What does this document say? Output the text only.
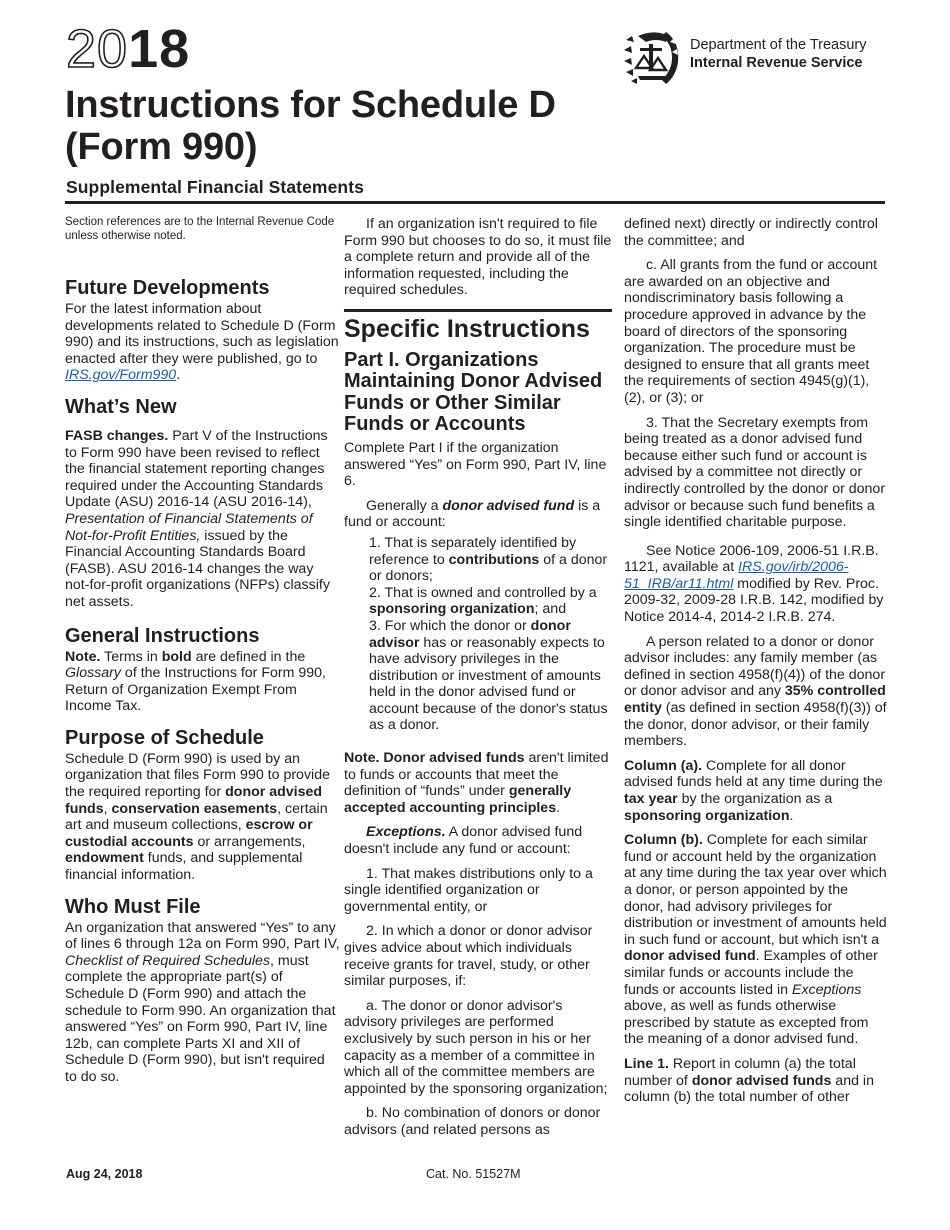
2018
Instructions for Schedule D
(Form 990)
Supplemental Financial Statements
Department of the Treasury
Internal Revenue Service

Section references are to the Internal Revenue Code unless otherwise noted.

Future Developments

For the latest information about developments related to Schedule D (Form 990) and its instructions, such as legislation enacted after they were published, go to IRS.gov/Form990.

What’s New

FASB changes. Part V of the Instructions to Form 990 have been revised to reflect the financial statement reporting changes required under the Accounting Standards Update (ASU) 2016-14 (ASU 2016-14), Presentation of Financial Statements of Not-for-Profit Entities, issued by the Financial Accounting Standards Board (FASB). ASU 2016-14 changes the way not-for-profit organizations (NFPs) classify net assets.

General Instructions

Note. Terms in bold are defined in the Glossary of the Instructions for Form 990, Return of Organization Exempt From Income Tax.

Purpose of Schedule

Schedule D (Form 990) is used by an organization that files Form 990 to provide the required reporting for donor advised funds, conservation easements, certain art and museum collections, escrow or custodial accounts or arrangements, endowment funds, and supplemental financial information.

Who Must File

An organization that answered “Yes” to any of lines 6 through 12a on Form 990, Part IV, Checklist of Required Schedules, must complete the appropriate part(s) of Schedule D (Form 990) and attach the schedule to Form 990. An organization that answered “Yes” on Form 990, Part IV, line 12b, can complete Parts XI and XII of Schedule D (Form 990), but isn't required to do so.

If an organization isn't required to file Form 990 but chooses to do so, it must file a complete return and provide all of the information requested, including the required schedules.

Specific Instructions
Part I. Organizations Maintaining Donor Advised Funds or Other Similar Funds or Accounts

Complete Part I if the organization answered “Yes” on Form 990, Part IV, line 6.

Generally a donor advised fund is a fund or account:

1. That is separately identified by reference to contributions of a donor or donors;

2. That is owned and controlled by a sponsoring organization; and

3. For which the donor or donor advisor has or reasonably expects to have advisory privileges in the distribution or investment of amounts held in the donor advised fund or account because of the donor's status as a donor.

Note. Donor advised funds aren't limited to funds or accounts that meet the definition of “funds” under generally accepted accounting principles.

Exceptions. A donor advised fund doesn't include any fund or account:

1. That makes distributions only to a single identified organization or governmental entity, or

2. In which a donor or donor advisor gives advice about which individuals receive grants for travel, study, or other similar purposes, if:

a. The donor or donor advisor's advisory privileges are performed exclusively by such person in his or her capacity as a member of a committee in which all of the committee members are appointed by the sponsoring organization;

b. No combination of donors or donor advisors (and related persons as

defined next) directly or indirectly control the committee; and

c. All grants from the fund or account are awarded on an objective and nondiscriminatory basis following a procedure approved in advance by the board of directors of the sponsoring organization. The procedure must be designed to ensure that all grants meet the requirements of section 4945(g)(1), (2), or (3); or

3. That the Secretary exempts from being treated as a donor advised fund because either such fund or account is advised by a committee not directly or indirectly controlled by the donor or donor advisor or because such fund benefits a single identified charitable purpose.

See Notice 2006-109, 2006-51 I.R.B. 1121, available at IRS.gov/irb/2006-51_IRB/ar11.html modified by Rev. Proc. 2009-32, 2009-28 I.R.B. 142, modified by Notice 2014-4, 2014-2 I.R.B. 274.

A person related to a donor or donor advisor includes: any family member (as defined in section 4958(f)(4)) of the donor or donor advisor and any 35% controlled entity (as defined in section 4958(f)(3)) of the donor, donor advisor, or their family members.

Column (a). Complete for all donor advised funds held at any time during the tax year by the organization as a sponsoring organization.

Column (b). Complete for each similar fund or account held by the organization at any time during the tax year over which a donor, or person appointed by the donor, had advisory privileges for distribution or investment of amounts held in such fund or account, but which isn't a donor advised fund. Examples of other similar funds or accounts include the funds or accounts listed in Exceptions above, as well as funds otherwise prescribed by statute as excepted from the meaning of a donor advised fund.

Line 1. Report in column (a) the total number of donor advised funds and in column (b) the total number of other

Aug 24, 2018	Cat. No. 51527M
